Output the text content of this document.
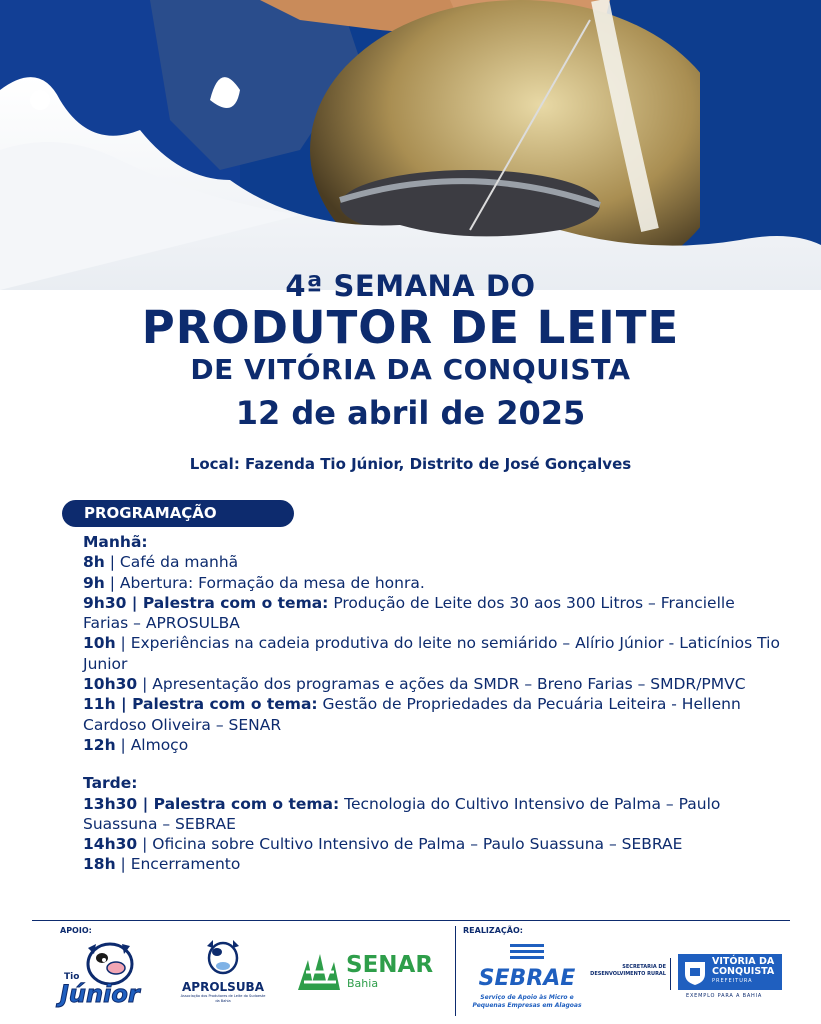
4ª SEMANA DO
PRODUTOR DE LEITE
DE VITÓRIA DA CONQUISTA
12 de abril de 2025
Local: Fazenda Tio Júnior, Distrito de José Gonçalves
PROGRAMAÇÃO
Manhã:
8h | Café da manhã
9h | Abertura: Formação da mesa de honra.
9h30 | Palestra com o tema: Produção de Leite dos 30 aos 300 Litros – Francielle Farias – APROSULBA
10h | Experiências na cadeia produtiva do leite no semiárido – Alírio Júnior - Laticínios Tio Junior
10h30 | Apresentação dos programas e ações da SMDR – Breno Farias – SMDR/PMVC
11h | Palestra com o tema: Gestão de Propriedades da Pecuária Leiteira - Hellenn Cardoso Oliveira – SENAR
12h | Almoço
Tarde:
13h30 | Palestra com o tema: Tecnologia do Cultivo Intensivo de Palma – Paulo Suassuna – SEBRAE
14h30 | Oficina sobre Cultivo Intensivo de Palma – Paulo Suassuna – SEBRAE
18h | Encerramento
APOIO:	REALIZAÇÃO:
Tio
Júnior	APROLSUBA
Associação dos Produtores de Leite do Sudoeste da Bahia
SENAR
Bahia	SEBRAE
Serviço de Apoio às Micro e
Pequenas Empresas em Alagoas
SECRETARIA DE
DESENVOLVIMENTO RURAL
VITÓRIA DA
CONQUISTA
PREFEITURA
EXEMPLO PARA A BAHIA
